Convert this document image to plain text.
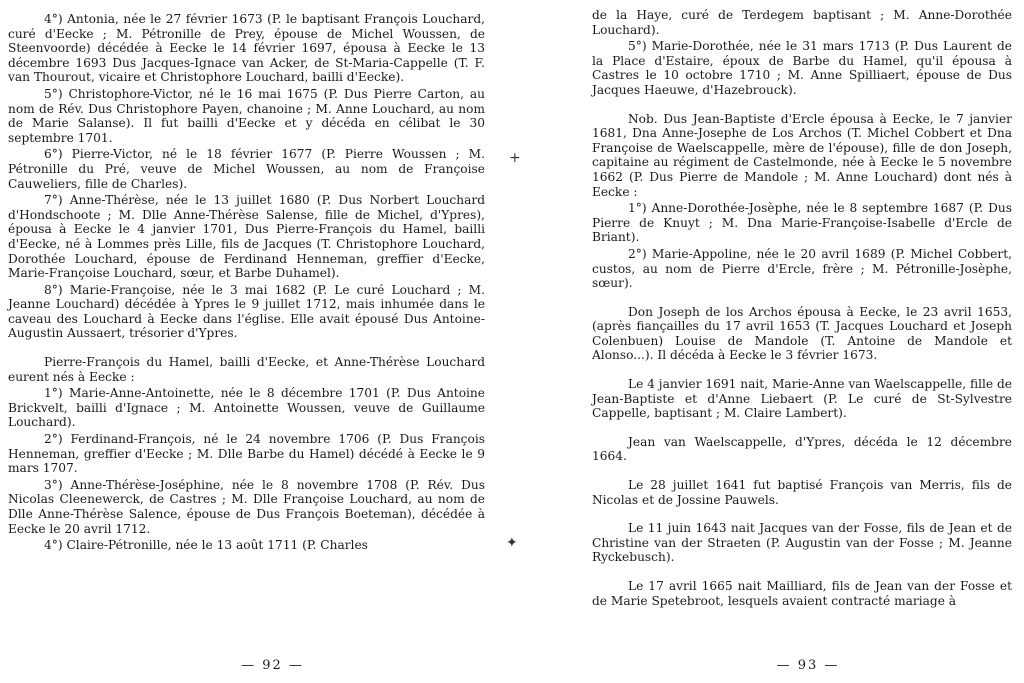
4°) Antonia, née le 27 février 1673 (P. le baptisant François Louchard, curé d'Eecke ; M. Pétronille de Prey, épouse de Michel Woussen, de Steenvoorde) décédée à Eecke le 14 février 1697, épousa à Eecke le 13 décembre 1693 Dus Jacques-Ignace van Acker, de St-Maria-Cappelle (T. F. van Thourout, vicaire et Christophore Louchard, bailli d'Eecke).

5°) Christophore-Victor, né le 16 mai 1675 (P. Dus Pierre Carton, au nom de Rév. Dus Christophore Payen, chanoine ; M. Anne Louchard, au nom de Marie Salanse). Il fut bailli d'Eecke et y décéda en célibat le 30 septembre 1701.

6°) Pierre-Victor, né le 18 février 1677 (P. Pierre Woussen ; M. Pétronille du Pré, veuve de Michel Woussen, au nom de Françoise Cauweliers, fille de Charles).

7°) Anne-Thérèse, née le 13 juillet 1680 (P. Dus Norbert Louchard d'Hondschoote ; M. Dlle Anne-Thérèse Salense, fille de Michel, d'Ypres), épousa à Eecke le 4 janvier 1701, Dus Pierre-François du Hamel, bailli d'Eecke, né à Lommes près Lille, fils de Jacques (T. Christophore Louchard, Dorothée Louchard, épouse de Ferdinand Henneman, greffier d'Eecke, Marie-Françoise Louchard, sœur, et Barbe Duhamel).

8°) Marie-Françoise, née le 3 mai 1682 (P. Le curé Louchard ; M. Jeanne Louchard) décédée à Ypres le 9 juillet 1712, mais inhumée dans le caveau des Louchard à Eecke dans l'église. Elle avait épousé Dus Antoine-Augustin Aussaert, trésorier d'Ypres.

Pierre-François du Hamel, bailli d'Eecke, et Anne-Thérèse Louchard eurent nés à Eecke :

1°) Marie-Anne-Antoinette, née le 8 décembre 1701 (P. Dus Antoine Brickvelt, bailli d'Ignace ; M. Antoinette Woussen, veuve de Guillaume Louchard).

2°) Ferdinand-François, né le 24 novembre 1706 (P. Dus François Henneman, greffier d'Eecke ; M. Dlle Barbe du Hamel) décédé à Eecke le 9 mars 1707.

3°) Anne-Thérèse-Joséphine, née le 8 novembre 1708 (P. Rév. Dus Nicolas Cleenewerck, de Castres ; M. Dlle Françoise Louchard, au nom de Dlle Anne-Thérèse Salence, épouse de Dus François Boeteman), décédée à Eecke le 20 avril 1712.

4°) Claire-Pétronille, née le 13 août 1711 (P. Charles

— 92 —

de la Haye, curé de Terdegem baptisant ; M. Anne-Dorothée Louchard).

5°) Marie-Dorothée, née le 31 mars 1713 (P. Dus Laurent de la Place d'Estaire, époux de Barbe du Hamel, qu'il épousa à Castres le 10 octobre 1710 ; M. Anne Spilliaert, épouse de Dus Jacques Haeuwe, d'Hazebrouck).

Nob. Dus Jean-Baptiste d'Ercle épousa à Eecke, le 7 janvier 1681, Dna Anne-Josephe de Los Archos (T. Michel Cobbert et Dna Françoise de Waelscappelle, mère de l'épouse), fille de don Joseph, capitaine au régiment de Castelmonde, née à Eecke le 5 novembre 1662 (P. Dus Pierre de Mandole ; M. Anne Louchard) dont nés à Eecke :

1°) Anne-Dorothée-Josèphe, née le 8 septembre 1687 (P. Dus Pierre de Knuyt ; M. Dna Marie-Françoise-Isabelle d'Ercle de Briant).

2°) Marie-Appoline, née le 20 avril 1689 (P. Michel Cobbert, custos, au nom de Pierre d'Ercle, frère ; M. Pétronille-Josèphe, sœur).

Don Joseph de los Archos épousa à Eecke, le 23 avril 1653, (après fiançailles du 17 avril 1653 (T. Jacques Louchard et Joseph Colenbuen) Louise de Mandole (T. Antoine de Mandole et Alonso...). Il décéda à Eecke le 3 février 1673.

Le 4 janvier 1691 nait, Marie-Anne van Waelscappelle, fille de Jean-Baptiste et d'Anne Liebaert (P. Le curé de St-Sylvestre Cappelle, baptisant ; M. Claire Lambert).

Jean van Waelscappelle, d'Ypres, décéda le 12 décembre 1664.

Le 28 juillet 1641 fut baptisé François van Merris, fils de Nicolas et de Jossine Pauwels.

Le 11 juin 1643 nait Jacques van der Fosse, fils de Jean et de Christine van der Straeten (P. Augustin van der Fosse ; M. Jeanne Ryckebusch).

Le 17 avril 1665 nait Mailliard, fils de Jean van der Fosse et de Marie Spetebroot, lesquels avaient contracté mariage à

— 93 —
+
✦
